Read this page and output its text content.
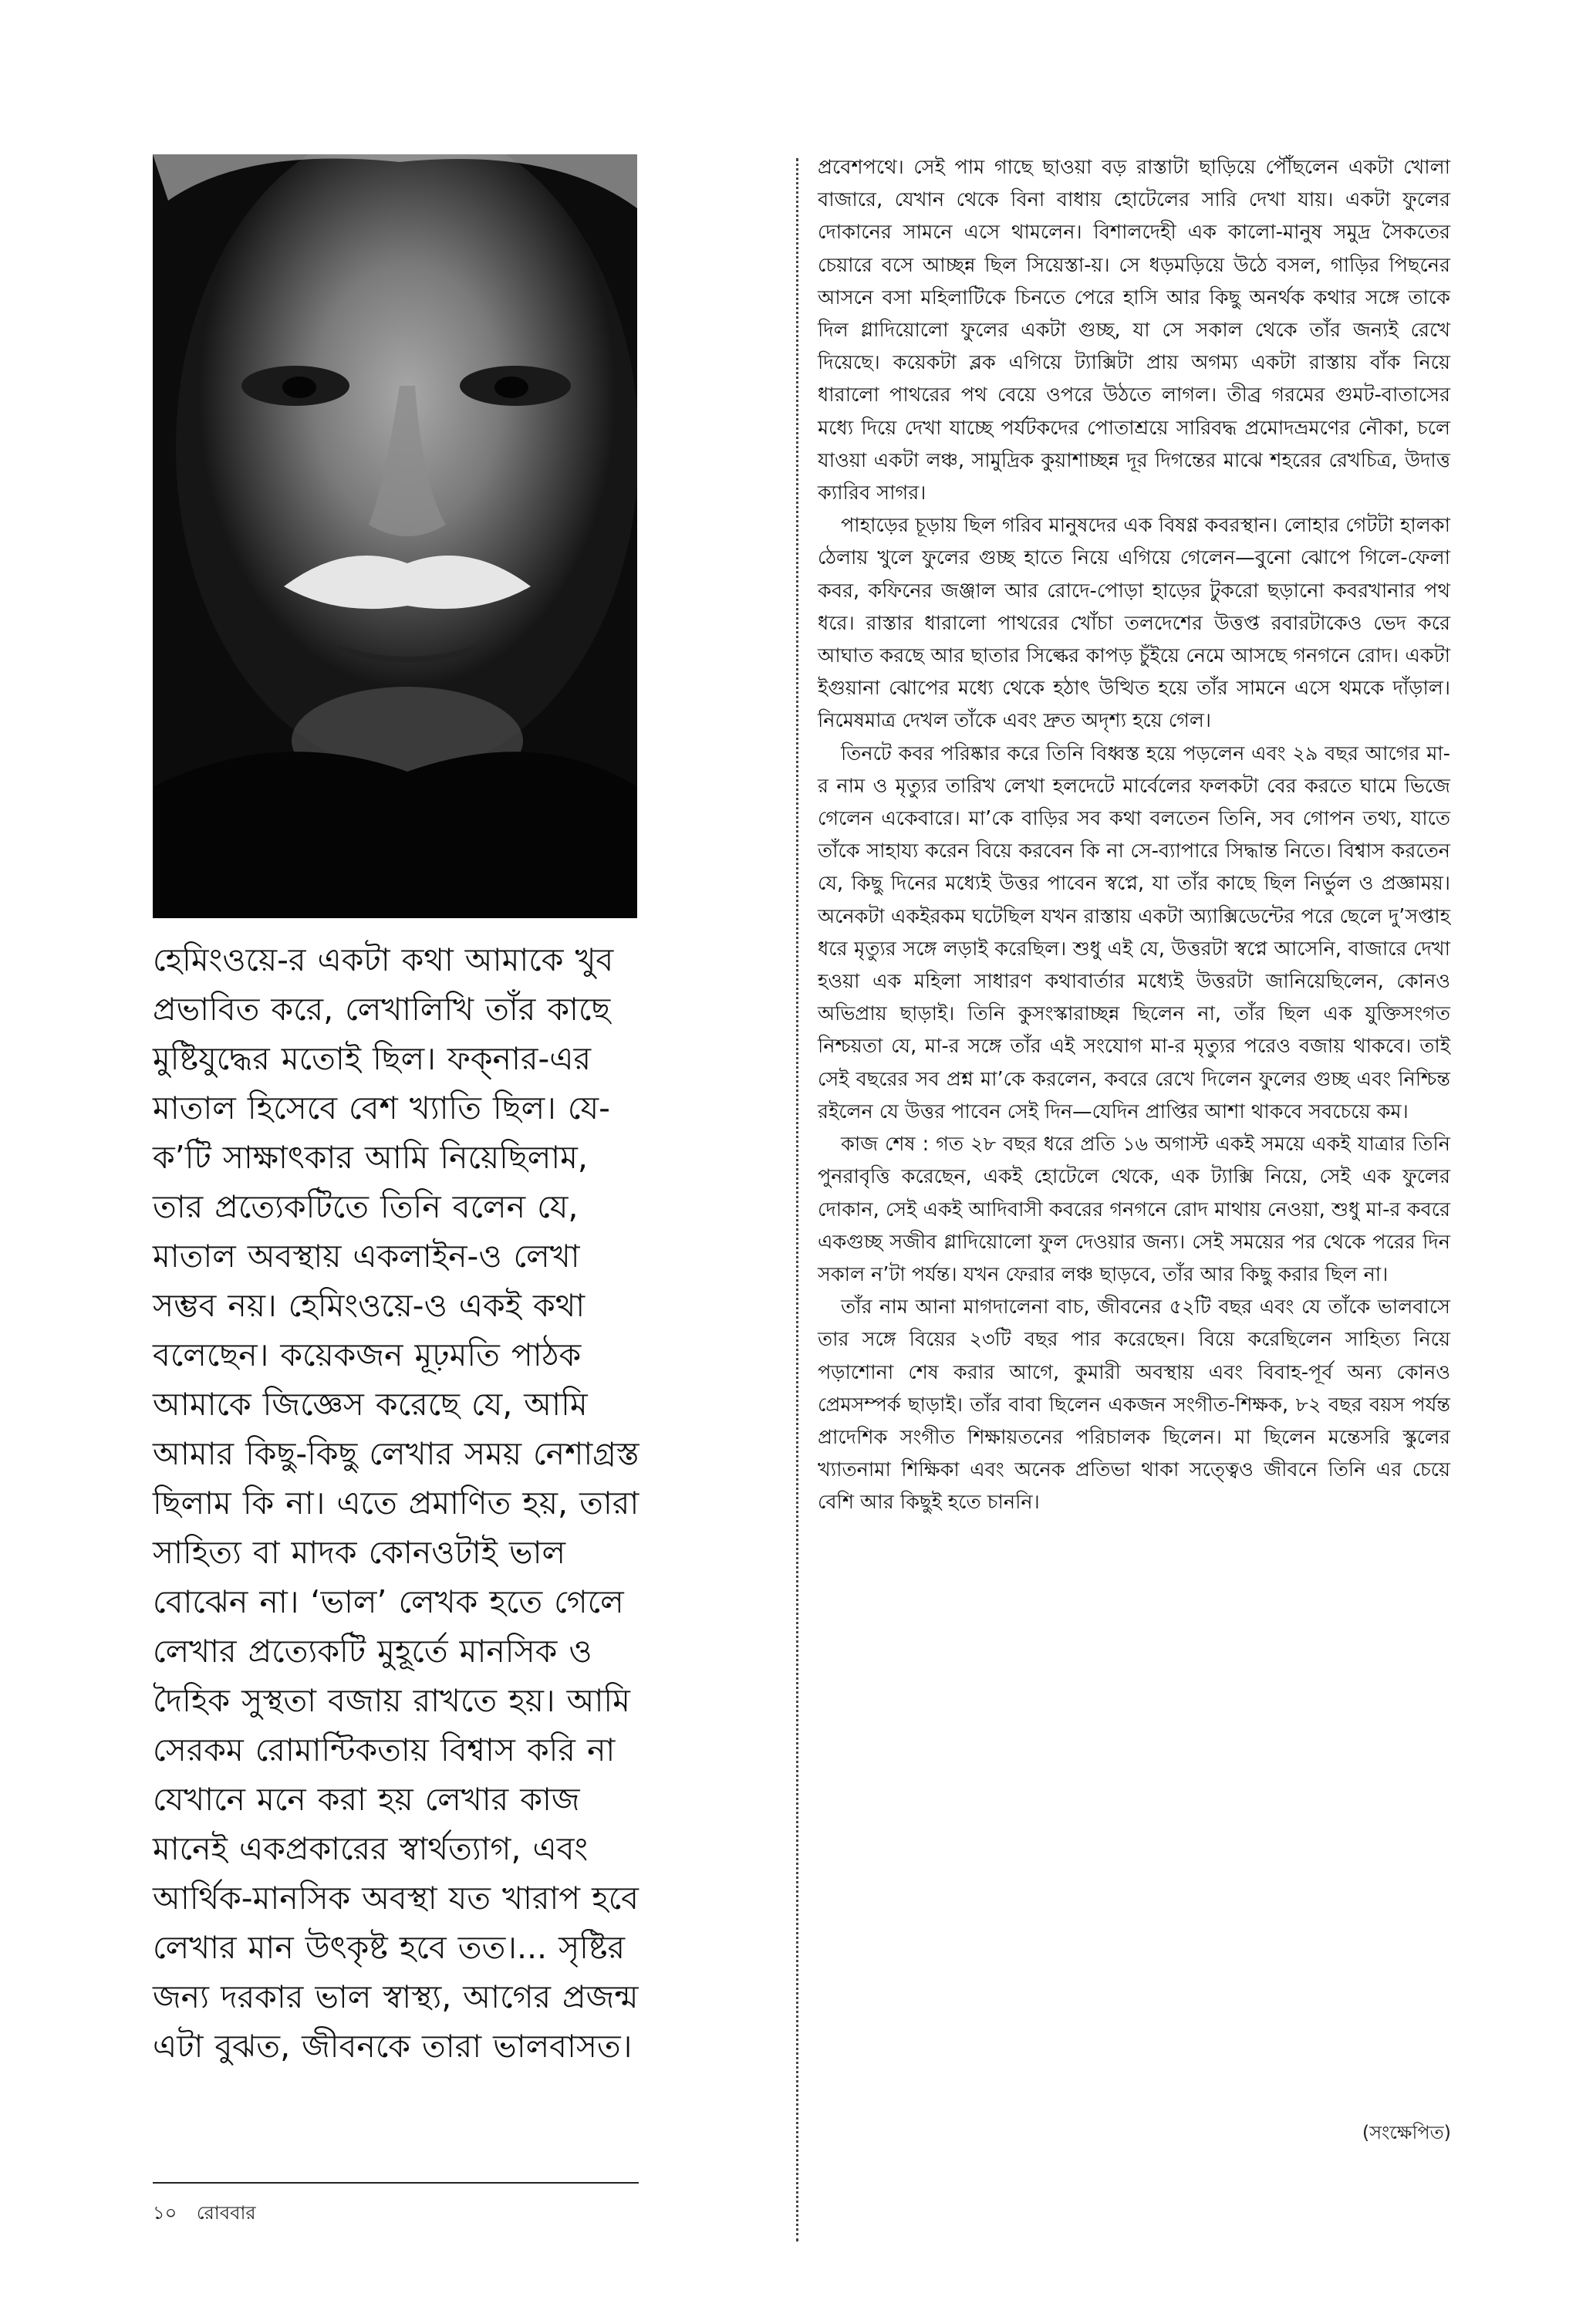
হেমিংওয়ে-র একটা কথা আমাকে খুব প্রভাবিত করে, লেখালিখি তাঁর কাছে মুষ্টিযুদ্ধের মতোই ছিল। ফক্‌নার-এর মাতাল হিসেবে বেশ খ্যাতি ছিল। যে-ক’টি সাক্ষাৎকার আমি নিয়েছিলাম, তার প্রত্যেকটিতে তিনি বলেন যে, মাতাল অবস্থায় একলাইন-ও লেখা সম্ভব নয়। হেমিংওয়ে-ও একই কথা বলেছেন। কয়েকজন মূঢ়মতি পাঠক আমাকে জিজ্ঞেস করেছে যে, আমি আমার কিছু-কিছু লেখার সময় নেশাগ্রস্ত ছিলাম কি না। এতে প্রমাণিত হয়, তারা সাহিত্য বা মাদক কোনওটাই ভাল বোঝেন না। ‘ভাল’ লেখক হতে গেলে লেখার প্রত্যেকটি মুহূর্তে মানসিক ও দৈহিক সুস্থতা বজায় রাখতে হয়। আমি সেরকম রোমান্টিকতায় বিশ্বাস করি না যেখানে মনে করা হয় লেখার কাজ মানেই একপ্রকারের স্বার্থত্যাগ, এবং আর্থিক-মানসিক অবস্থা যত খারাপ হবে লেখার মান উৎকৃষ্ট হবে তত।... সৃষ্টির জন্য দরকার ভাল স্বাস্থ্য, আগের প্রজন্ম এটা বুঝত, জীবনকে তারা ভালবাসত।

১০ রোববার

প্রবেশপথে। সেই পাম গাছে ছাওয়া বড় রাস্তাটা ছাড়িয়ে পৌঁছলেন একটা খোলা বাজারে, যেখান থেকে বিনা বাধায় হোটেলের সারি দেখা যায়। একটা ফুলের দোকানের সামনে এসে থামলেন। বিশালদেহী এক কালো-মানুষ সমুদ্র সৈকতের চেয়ারে বসে আচ্ছন্ন ছিল সিয়েস্তা-য়। সে ধড়মড়িয়ে উঠে বসল, গাড়ির পিছনের আসনে বসা মহিলাটিকে চিনতে পেরে হাসি আর কিছু অনর্থক কথার সঙ্গে তাকে দিল গ্লাদিয়োলো ফুলের একটা গুচ্ছ, যা সে সকাল থেকে তাঁর জন্যই রেখে দিয়েছে। কয়েকটা ব্লক এগিয়ে ট্যাক্সিটা প্রায় অগম্য একটা রাস্তায় বাঁক নিয়ে ধারালো পাথরের পথ বেয়ে ওপরে উঠতে লাগল। তীব্র গরমের গুমট-বাতাসের মধ্যে দিয়ে দেখা যাচ্ছে পর্যটকদের পোতাশ্রয়ে সারিবদ্ধ প্রমোদভ্রমণের নৌকা, চলে যাওয়া একটা লঞ্চ, সামুদ্রিক কুয়াশাচ্ছন্ন দূর দিগন্তের মাঝে শহরের রেখচিত্র, উদাত্ত ক্যারিব সাগর।

পাহাড়ের চূড়ায় ছিল গরিব মানুষদের এক বিষণ্ণ কবরস্থান। লোহার গেটটা হালকা ঠেলায় খুলে ফুলের গুচ্ছ হাতে নিয়ে এগিয়ে গেলেন—বুনো ঝোপে গিলে-ফেলা কবর, কফিনের জঞ্জাল আর রোদে-পোড়া হাড়ের টুকরো ছড়ানো কবরখানার পথ ধরে। রাস্তার ধারালো পাথরের খোঁচা তলদেশের উত্তপ্ত রবারটাকেও ভেদ করে আঘাত করছে আর ছাতার সিল্কের কাপড় চুঁইয়ে নেমে আসছে গনগনে রোদ। একটা ইগুয়ানা ঝোপের মধ্যে থেকে হঠাৎ উত্থিত হয়ে তাঁর সামনে এসে থমকে দাঁড়াল। নিমেষমাত্র দেখল তাঁকে এবং দ্রুত অদৃশ্য হয়ে গেল।

তিনটে কবর পরিষ্কার করে তিনি বিধ্বস্ত হয়ে পড়লেন এবং ২৯ বছর আগের মা-র নাম ও মৃত্যুর তারিখ লেখা হলদেটে মার্বেলের ফলকটা বের করতে ঘামে ভিজে গেলেন একেবারে। মা’কে বাড়ির সব কথা বলতেন তিনি, সব গোপন তথ্য, যাতে তাঁকে সাহায্য করেন বিয়ে করবেন কি না সে-ব্যাপারে সিদ্ধান্ত নিতে। বিশ্বাস করতেন যে, কিছু দিনের মধ্যেই উত্তর পাবেন স্বপ্নে, যা তাঁর কাছে ছিল নির্ভুল ও প্রজ্ঞাময়। অনেকটা একইরকম ঘটেছিল যখন রাস্তায় একটা অ্যাক্সিডেন্টের পরে ছেলে দু’সপ্তাহ ধরে মৃত্যুর সঙ্গে লড়াই করেছিল। শুধু এই যে, উত্তরটা স্বপ্নে আসেনি, বাজারে দেখা হওয়া এক মহিলা সাধারণ কথাবার্তার মধ্যেই উত্তরটা জানিয়েছিলেন, কোনও অভিপ্রায় ছাড়াই। তিনি কুসংস্কারাচ্ছন্ন ছিলেন না, তাঁর ছিল এক যুক্তিসংগত নিশ্চয়তা যে, মা-র সঙ্গে তাঁর এই সংযোগ মা-র মৃত্যুর পরেও বজায় থাকবে। তাই সেই বছরের সব প্রশ্ন মা’কে করলেন, কবরে রেখে দিলেন ফুলের গুচ্ছ এবং নিশ্চিন্ত রইলেন যে উত্তর পাবেন সেই দিন—যেদিন প্রাপ্তির আশা থাকবে সবচেয়ে কম।

কাজ শেষ : গত ২৮ বছর ধরে প্রতি ১৬ অগাস্ট একই সময়ে একই যাত্রার তিনি পুনরাবৃত্তি করেছেন, একই হোটেলে থেকে, এক ট্যাক্সি নিয়ে, সেই এক ফুলের দোকান, সেই একই আদিবাসী কবরের গনগনে রোদ মাথায় নেওয়া, শুধু মা-র কবরে একগুচ্ছ সজীব গ্লাদিয়োলো ফুল দেওয়ার জন্য। সেই সময়ের পর থেকে পরের দিন সকাল ন’টা পর্যন্ত। যখন ফেরার লঞ্চ ছাড়বে, তাঁর আর কিছু করার ছিল না।

তাঁর নাম আনা মাগদালেনা বাচ, জীবনের ৫২টি বছর এবং যে তাঁকে ভালবাসে তার সঙ্গে বিয়ের ২৩টি বছর পার করেছেন। বিয়ে করেছিলেন সাহিত্য নিয়ে পড়াশোনা শেষ করার আগে, কুমারী অবস্থায় এবং বিবাহ-পূর্ব অন্য কোনও প্রেমসম্পর্ক ছাড়াই। তাঁর বাবা ছিলেন একজন সংগীত-শিক্ষক, ৮২ বছর বয়স পর্যন্ত প্রাদেশিক সংগীত শিক্ষায়তনের পরিচালক ছিলেন। মা ছিলেন মন্তেসরি স্কুলের খ্যাতনামা শিক্ষিকা এবং অনেক প্রতিভা থাকা সত্ত্বেও জীবনে তিনি এর চেয়ে বেশি আর কিছুই হতে চাননি।

(সংক্ষেপিত)
